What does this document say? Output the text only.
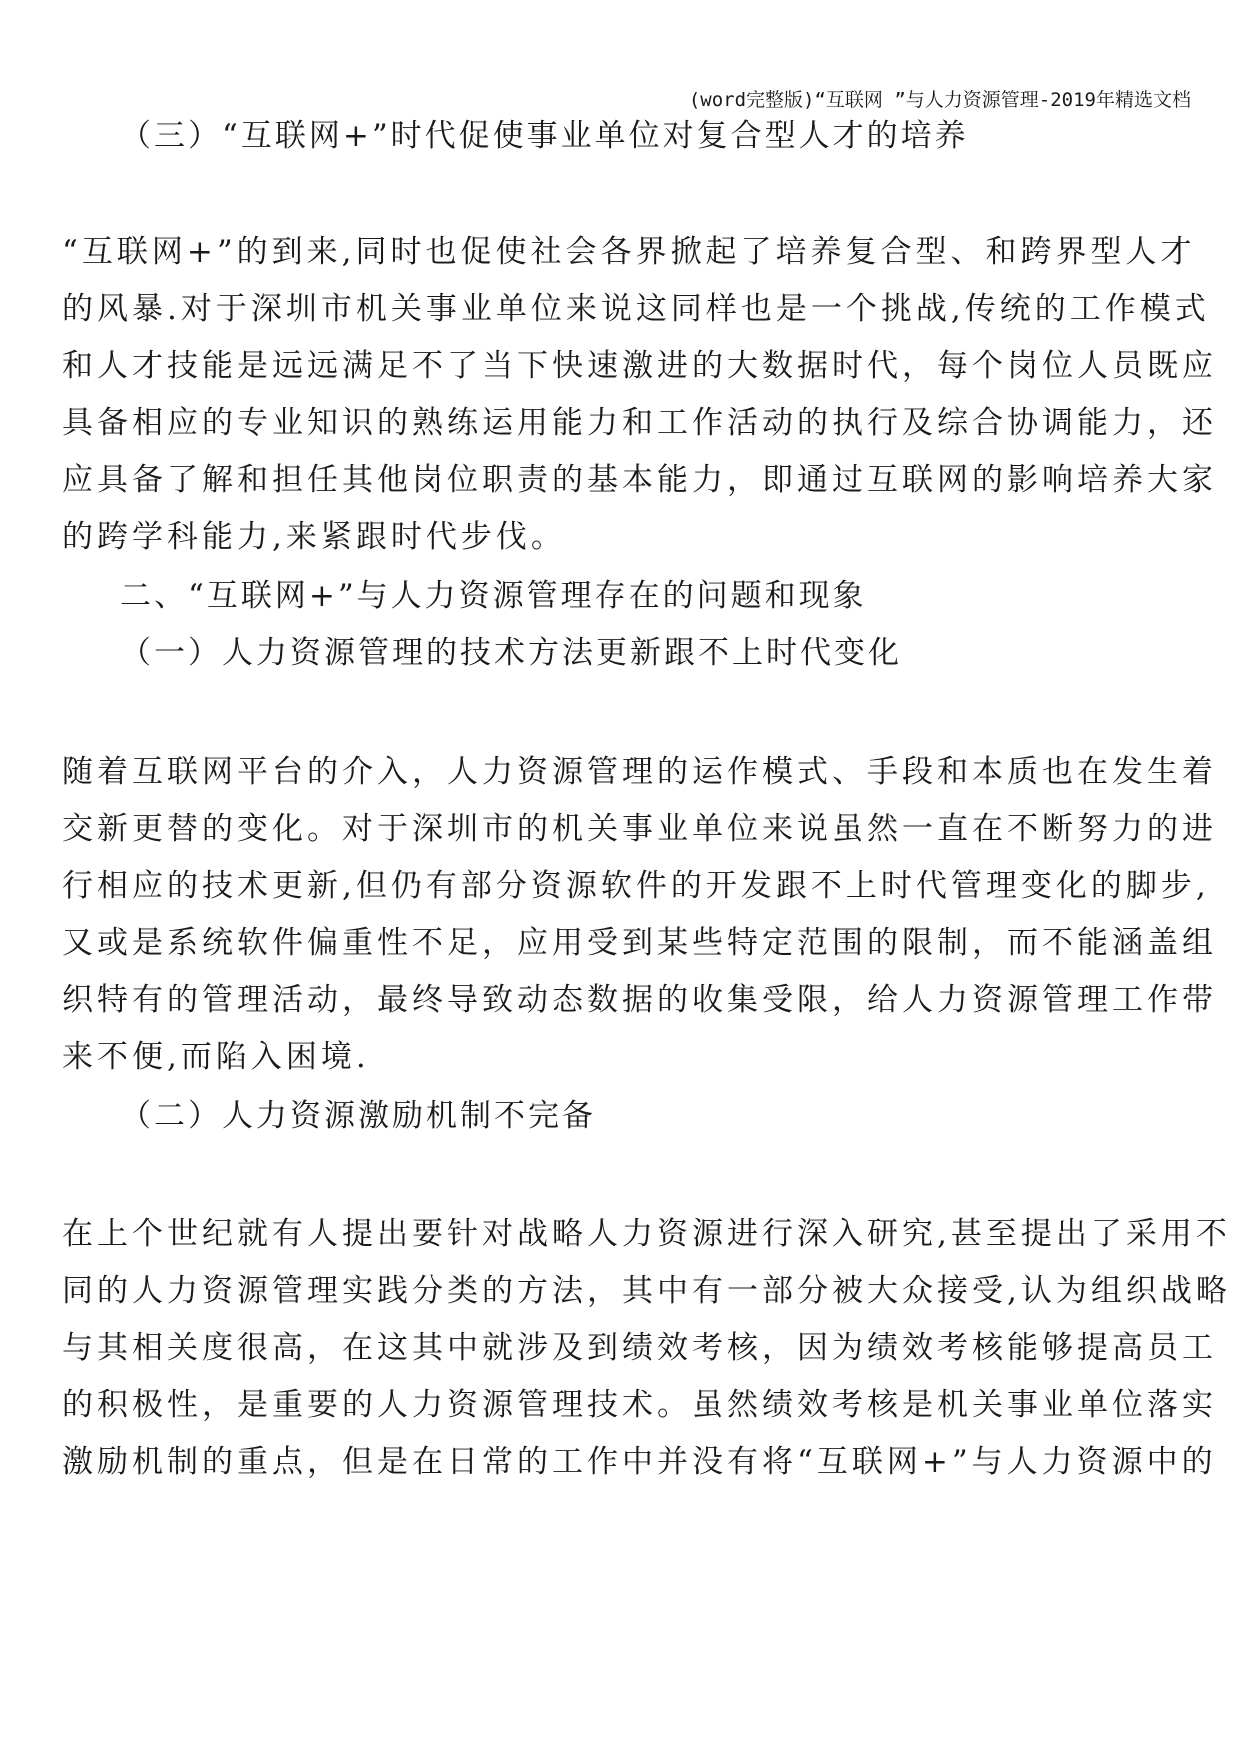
(word完整版)“互联网 ”与人力资源管理-2019年精选文档
（三）“互联网+”时代促使事业单位对复合型人才的培养
“互联网+”的到来,同时也促使社会各界掀起了培养复合型、和跨界型人才
的风暴.对于深圳市机关事业单位来说这同样也是一个挑战,传统的工作模式
和人才技能是远远满足不了当下快速激进的大数据时代，每个岗位人员既应
具备相应的专业知识的熟练运用能力和工作活动的执行及综合协调能力，还
应具备了解和担任其他岗位职责的基本能力，即通过互联网的影响培养大家
的跨学科能力,来紧跟时代步伐。
二、“互联网+”与人力资源管理存在的问题和现象
（一）人力资源管理的技术方法更新跟不上时代变化
随着互联网平台的介入，人力资源管理的运作模式、手段和本质也在发生着
交新更替的变化。对于深圳市的机关事业单位来说虽然一直在不断努力的进
行相应的技术更新,但仍有部分资源软件的开发跟不上时代管理变化的脚步,
又或是系统软件偏重性不足，应用受到某些特定范围的限制，而不能涵盖组
织特有的管理活动，最终导致动态数据的收集受限，给人力资源管理工作带
来不便,而陷入困境.
（二）人力资源激励机制不完备
在上个世纪就有人提出要针对战略人力资源进行深入研究,甚至提出了采用不
同的人力资源管理实践分类的方法，其中有一部分被大众接受,认为组织战略
与其相关度很高，在这其中就涉及到绩效考核，因为绩效考核能够提高员工
的积极性，是重要的人力资源管理技术。虽然绩效考核是机关事业单位落实
激励机制的重点，但是在日常的工作中并没有将“互联网+”与人力资源中的
